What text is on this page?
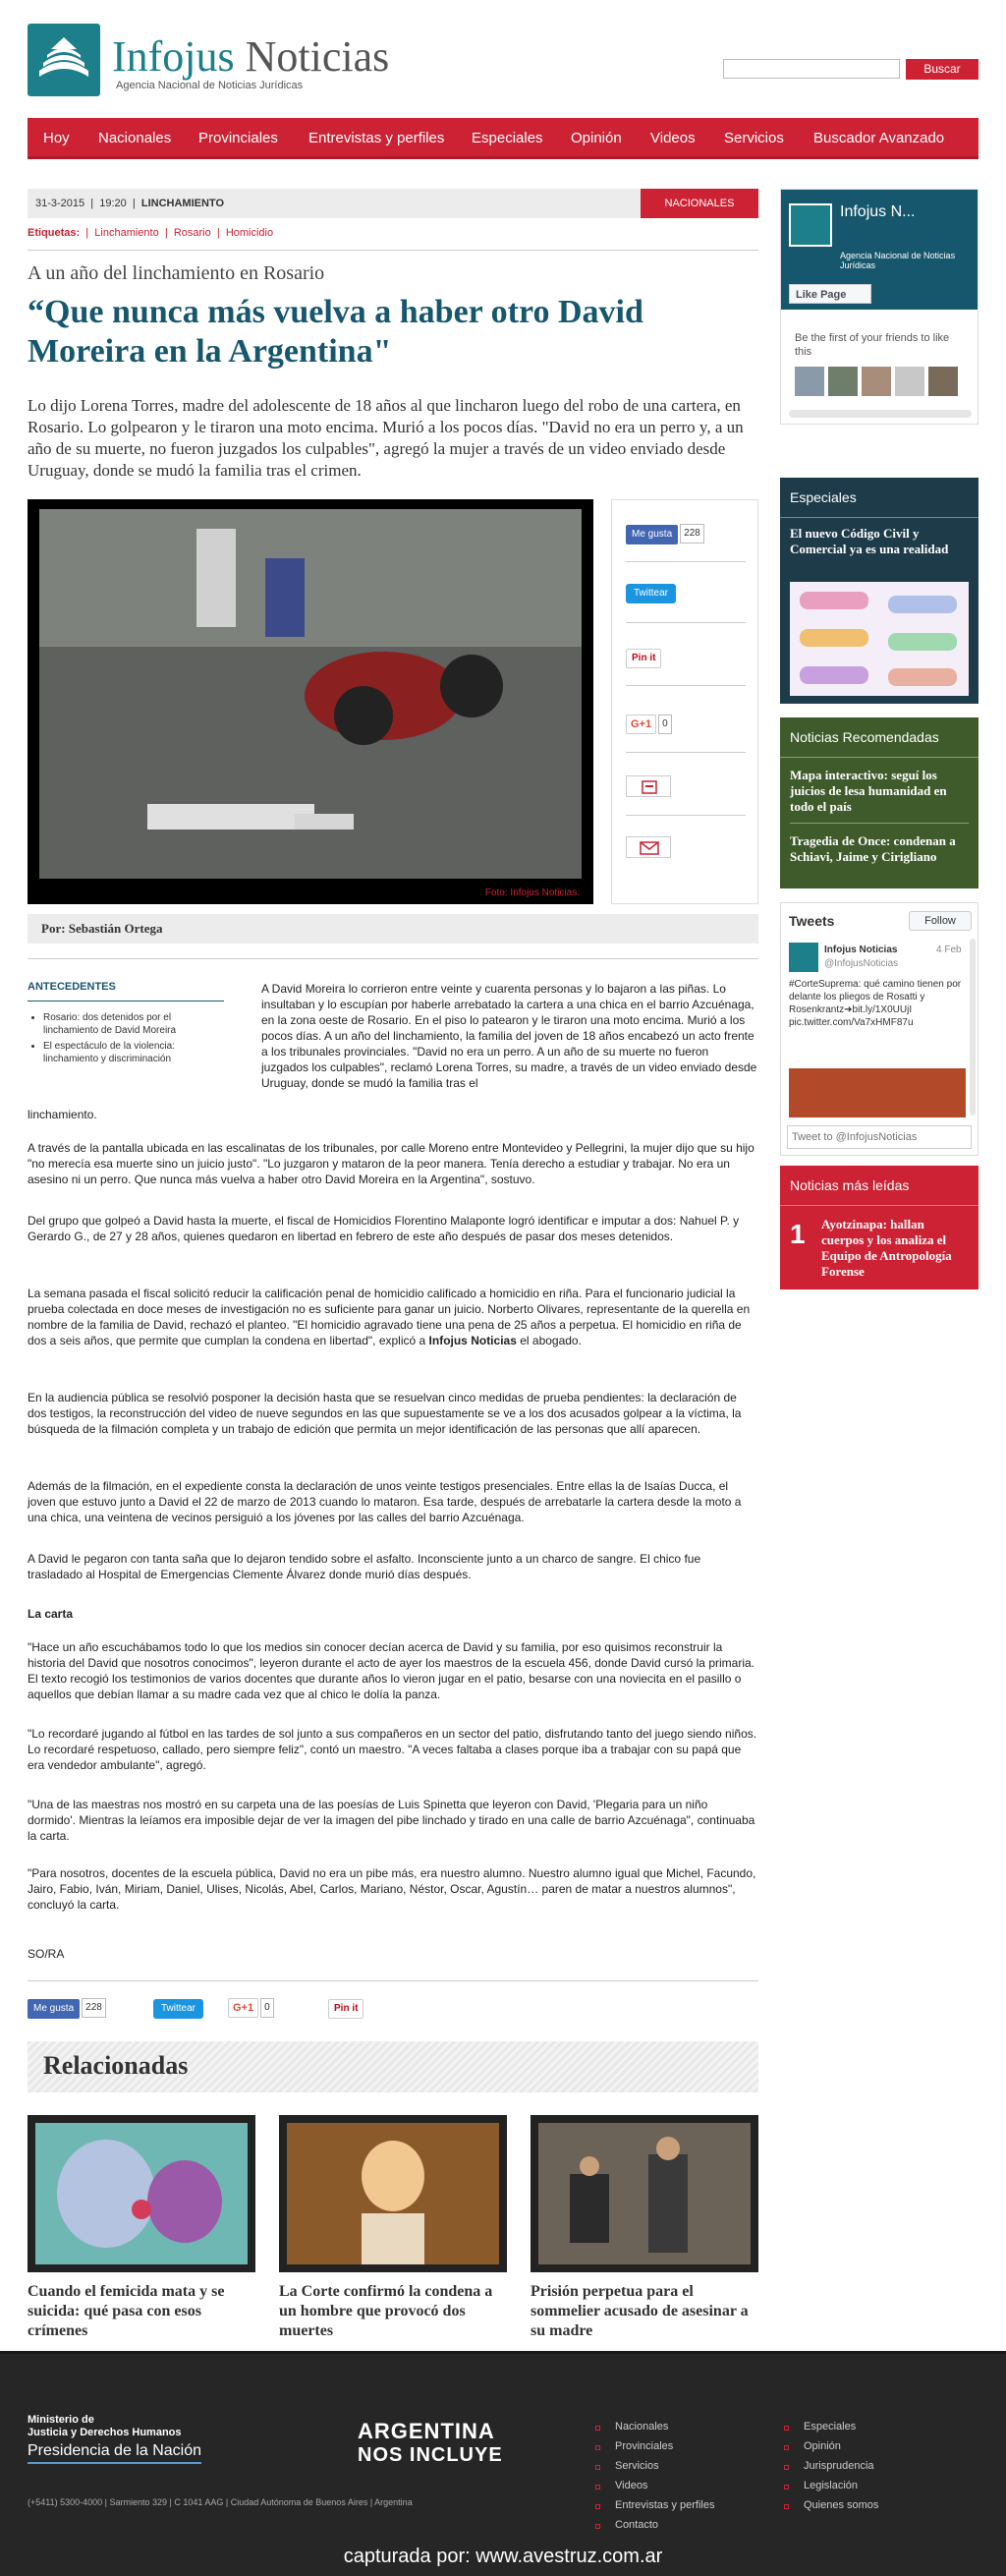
Infojus Noticias
Agencia Nacional de Noticias Jurídicas
Buscar
Hoy Nacionales Provinciales Entrevistas y perfiles Especiales Opinión Videos Servicios Buscador Avanzado
31-3-2015  |  19:20  |  LINCHAMIENTO	NACIONALES
Etiquetas:  |  Linchamiento  |  Rosario  |  Homicidio
A un año del linchamiento en Rosario
“Que nunca más vuelva a haber otro David Moreira en la Argentina"

Lo dijo Lorena Torres, madre del adolescente de 18 años al que lincharon luego del robo de una cartera, en Rosario. Lo golpearon y le tiraron una moto encima. Murió a los pocos días. "David no era un perro y, a un año de su muerte, no fueron juzgados los culpables", agregó la mujer a través de un video enviado desde Uruguay, donde se mudó la familia tras el crimen.

Foto: Infojus Noticias.
Me gusta 228
Twittear
Pin it
G+1 0
Por: Sebastián Ortega
ANTECEDENTES
• Rosario: dos detenidos por el linchamiento de David Moreira
• El espectáculo de la violencia: linchamiento y discriminación

A David Moreira lo corrieron entre veinte y cuarenta personas y lo bajaron a las piñas. Lo insultaban y lo escupían por haberle arrebatado la cartera a una chica en el barrio Azcuénaga, en la zona oeste de Rosario. En el piso lo patearon y le tiraron una moto encima. Murió a los pocos días. A un año del linchamiento, la familia del joven de 18 años encabezó un acto frente a los tribunales provinciales. "David no era un perro. A un año de su muerte no fueron juzgados los culpables", reclamó Lorena Torres, su madre, a través de un video enviado desde Uruguay, donde se mudó la familia tras el

linchamiento.

A través de la pantalla ubicada en las escalinatas de los tribunales, por calle Moreno entre Montevideo y Pellegrini, la mujer dijo que su hijo "no merecía esa muerte sino un juicio justo". "Lo juzgaron y mataron de la peor manera. Tenía derecho a estudiar y trabajar. No era un asesino ni un perro. Que nunca más vuelva a haber otro David Moreira en la Argentina", sostuvo.

Del grupo que golpeó a David hasta la muerte, el fiscal de Homicidios Florentino Malaponte logró identificar e imputar a dos: Nahuel P. y Gerardo G., de 27 y 28 años, quienes quedaron en libertad en febrero de este año después de pasar dos meses detenidos.

La semana pasada el fiscal solicitó reducir la calificación penal de homicidio calificado a homicidio en riña. Para el funcionario judicial la prueba colectada en doce meses de investigación no es suficiente para ganar un juicio. Norberto Olivares, representante de la querella en nombre de la familia de David, rechazó el planteo. "El homicidio agravado tiene una pena de 25 años a perpetua. El homicidio en riña de dos a seis años, que permite que cumplan la condena en libertad", explicó a Infojus Noticias el abogado.

En la audiencia pública se resolvió posponer la decisión hasta que se resuelvan cinco medidas de prueba pendientes: la declaración de dos testigos, la reconstrucción del video de nueve segundos en las que supuestamente se ve a los dos acusados golpear a la víctima, la búsqueda de la filmación completa y un trabajo de edición que permita un mejor identificación de las personas que allí aparecen.

Además de la filmación, en el expediente consta la declaración de unos veinte testigos presenciales. Entre ellas la de Isaías Ducca, el joven que estuvo junto a David el 22 de marzo de 2013 cuando lo mataron. Esa tarde, después de arrebatarle la cartera desde la moto a una chica, una veintena de vecinos persiguió a los jóvenes por las calles del barrio Azcuénaga.

A David le pegaron con tanta saña que lo dejaron tendido sobre el asfalto. Inconsciente junto a un charco de sangre. El chico fue trasladado al Hospital de Emergencias Clemente Álvarez donde murió días después.

La carta

"Hace un año escuchábamos todo lo que los medios sin conocer decían acerca de David y su familia, por eso quisimos reconstruir la historia del David que nosotros conocimos", leyeron durante el acto de ayer los maestros de la escuela 456, donde David cursó la primaria. El texto recogió los testimonios de varios docentes que durante años lo vieron jugar en el patio, besarse con una noviecita en el pasillo o aquellos que debían llamar a su madre cada vez que al chico le dolía la panza.

"Lo recordaré jugando al fútbol en las tardes de sol junto a sus compañeros en un sector del patio, disfrutando tanto del juego siendo niños. Lo recordaré respetuoso, callado, pero siempre feliz", contó un maestro. "A veces faltaba a clases porque iba a trabajar con su papá que era vendedor ambulante", agregó.

"Una de las maestras nos mostró en su carpeta una de las poesías de Luis Spinetta que leyeron con David, 'Plegaria para un niño dormido'. Mientras la leíamos era imposible dejar de ver la imagen del pibe linchado y tirado en una calle de barrio Azcuénaga", continuaba la carta.

"Para nosotros, docentes de la escuela pública, David no era un pibe más, era nuestro alumno. Nuestro alumno igual que Michel, Facundo, Jairo, Fabio, Iván, Miriam, Daniel, Ulises, Nicolás, Abel, Carlos, Mariano, Néstor, Oscar, Agustín… paren de matar a nuestros alumnos", concluyó la carta.

SO/RA

Me gusta 228	Twittear	G+1 0	Pin it
Relacionadas
Cuando el femicida mata y se suicida: qué pasa con esos crímenes
La Corte confirmó la condena a un hombre que provocó dos muertes
Prisión perpetua para el sommelier acusado de asesinar a su madre
Infojus N...
Agencia Nacional de Noticias Jurídicas
Like Page
Be the first of your friends to like this
Especiales
El nuevo Código Civil y Comercial ya es una realidad
Noticias Recomendadas
Mapa interactivo: seguí los juicios de lesa humanidad en todo el país
Tragedia de Once: condenan a Schiavi, Jaime y Cirigliano
Tweets	Follow
Infojus Noticias	4 Feb
@InfojusNoticias
#CorteSuprema: qué camino tienen por delante los pliegos de Rosatti y Rosenkrantz➜bit.ly/1X0UUjI pic.twitter.com/Va7xHMF87u
Tweet to @InfojusNoticias
Noticias más leídas
1 Ayotzinapa: hallan cuerpos y los analiza el Equipo de Antropología Forense
Ministerio de
Justicia y Derechos Humanos
Presidencia de la Nación
ARGENTINA
NOS INCLUYE
(+5411) 5300-4000 | Sarmiento 329 | C 1041 AAG | Ciudad Autónoma de Buenos Aires | Argentina
Nacionales
Provinciales
Servicios
Videos
Entrevistas y perfiles
Contacto
Especiales
Opinión
Jurisprudencia
Legislación
Quienes somos
capturada por: www.avestruz.com.ar
